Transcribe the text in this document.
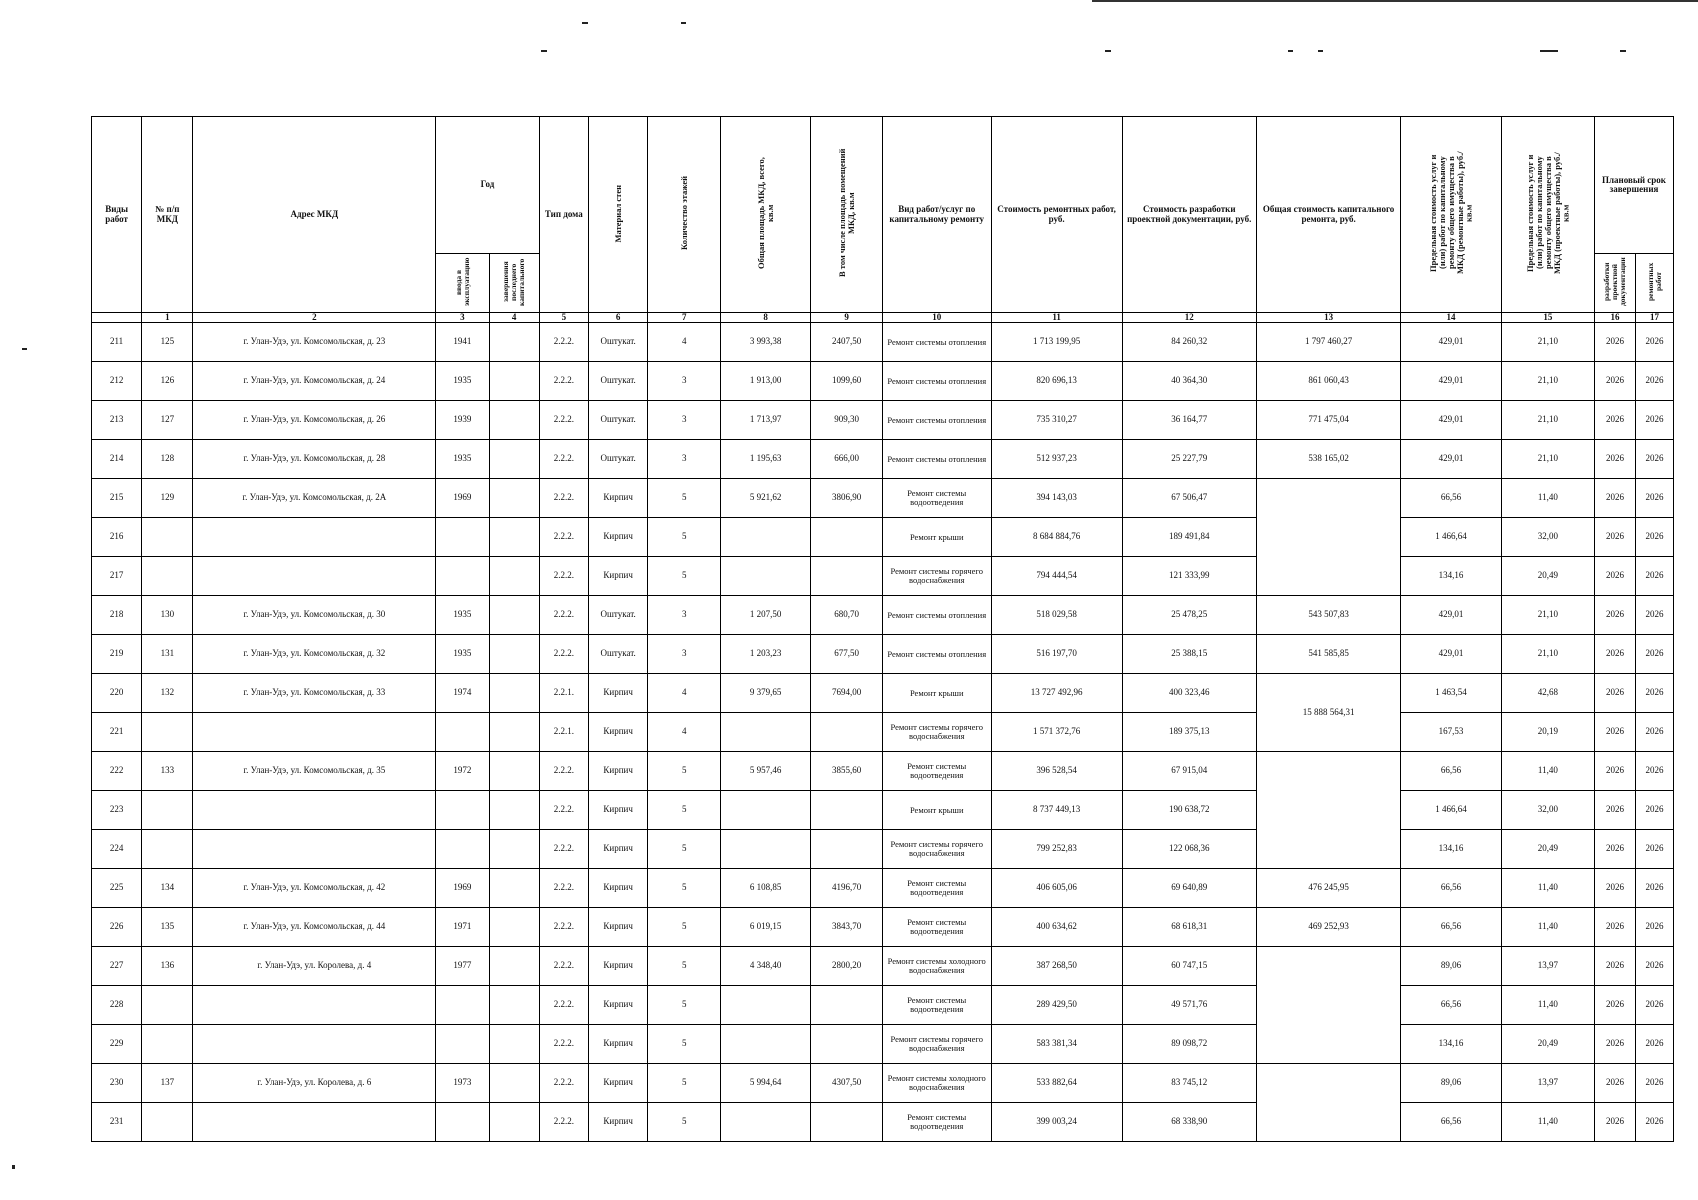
Виды работ	№ п/п МКД	Адрес МКД	Год		Тип дома	Материал стен	Количество этажей	Общая площадь МКД, всего, кв.м	В том числе площадь помещений МКД, кв.м	Вид работ/услуг по капитальному ремонту	Стоимость ремонтных работ, руб.	Стоимость разработки проектной документации, руб.	Общая стоимость капитального ремонта, руб.	Предельная стоимость услуг и (или) работ по капитальному ремонту общего имущества в МКД (ремонтные работы), руб./кв.м	Предельная стоимость услуг и (или) работ по капитальному ремонту общего имущества в МКД (проектные работы), руб./кв.м	Плановый срок завершения	
			ввода в эксплуатацию	завершения последнего капитального												разработки проектной документации	ремонтных работ
	1	2	3	4	5	6	7	8	9	10	11	12	13	14	15	16	17
211	125	г. Улан-Удэ, ул. Комсомольская, д. 23	1941		2.2.2.	Оштукат.	4	3 993,38	2407,50	Ремонт системы отопления	1 713 199,95	84 260,32	1 797 460,27	429,01	21,10	2026	2026
212	126	г. Улан-Удэ, ул. Комсомольская, д. 24	1935		2.2.2.	Оштукат.	3	1 913,00	1099,60	Ремонт системы отопления	820 696,13	40 364,30	861 060,43	429,01	21,10	2026	2026
213	127	г. Улан-Удэ, ул. Комсомольская, д. 26	1939		2.2.2.	Оштукат.	3	1 713,97	909,30	Ремонт системы отопления	735 310,27	36 164,77	771 475,04	429,01	21,10	2026	2026
214	128	г. Улан-Удэ, ул. Комсомольская, д. 28	1935		2.2.2.	Оштукат.	3	1 195,63	666,00	Ремонт системы отопления	512 937,23	25 227,79	538 165,02	429,01	21,10	2026	2026
215	129	г. Улан-Удэ, ул. Комсомольская, д. 2А	1969		2.2.2.	Кирпич	5	5 921,62	3806,90	Ремонт системы водоотведения	394 143,03	67 506,47		66,56	11,40	2026	2026
216					2.2.2.	Кирпич	5			Ремонт крыши	8 684 884,76	189 491,84		1 466,64	32,00	2026	2026
217					2.2.2.	Кирпич	5			Ремонт системы горячего водоснабжения	794 444,54	121 333,99		134,16	20,49	2026	2026
218	130	г. Улан-Удэ, ул. Комсомольская, д. 30	1935		2.2.2.	Оштукат.	3	1 207,50	680,70	Ремонт системы отопления	518 029,58	25 478,25	543 507,83	429,01	21,10	2026	2026
219	131	г. Улан-Удэ, ул. Комсомольская, д. 32	1935		2.2.2.	Оштукат.	3	1 203,23	677,50	Ремонт системы отопления	516 197,70	25 388,15	541 585,85	429,01	21,10	2026	2026
220	132	г. Улан-Удэ, ул. Комсомольская, д. 33	1974		2.2.1.	Кирпич	4	9 379,65	7694,00	Ремонт крыши	13 727 492,96	400 323,46	15 888 564,31	1 463,54	42,68	2026	2026
221					2.2.1.	Кирпич	4			Ремонт системы горячего водоснабжения	1 571 372,76	189 375,13		167,53	20,19	2026	2026
222	133	г. Улан-Удэ, ул. Комсомольская, д. 35	1972		2.2.2.	Кирпич	5	5 957,46	3855,60	Ремонт системы водоотведения	396 528,54	67 915,04		66,56	11,40	2026	2026
223					2.2.2.	Кирпич	5			Ремонт крыши	8 737 449,13	190 638,72		1 466,64	32,00	2026	2026
224					2.2.2.	Кирпич	5			Ремонт системы горячего водоснабжения	799 252,83	122 068,36		134,16	20,49	2026	2026
225	134	г. Улан-Удэ, ул. Комсомольская, д. 42	1969		2.2.2.	Кирпич	5	6 108,85	4196,70	Ремонт системы водоотведения	406 605,06	69 640,89	476 245,95	66,56	11,40	2026	2026
226	135	г. Улан-Удэ, ул. Комсомольская, д. 44	1971		2.2.2.	Кирпич	5	6 019,15	3843,70	Ремонт системы водоотведения	400 634,62	68 618,31	469 252,93	66,56	11,40	2026	2026
227	136	г. Улан-Удэ, ул. Королева, д. 4	1977		2.2.2.	Кирпич	5	4 348,40	2800,20	Ремонт системы холодного водоснабжения	387 268,50	60 747,15		89,06	13,97	2026	2026
228					2.2.2.	Кирпич	5			Ремонт системы водоотведения	289 429,50	49 571,76		66,56	11,40	2026	2026
229					2.2.2.	Кирпич	5			Ремонт системы горячего водоснабжения	583 381,34	89 098,72		134,16	20,49	2026	2026
230	137	г. Улан-Удэ, ул. Королева, д. 6	1973		2.2.2.	Кирпич	5	5 994,64	4307,50	Ремонт системы холодного водоснабжения	533 882,64	83 745,12		89,06	13,97	2026	2026
231					2.2.2.	Кирпич	5			Ремонт системы водоотведения	399 003,24	68 338,90		66,56	11,40	2026	2026
